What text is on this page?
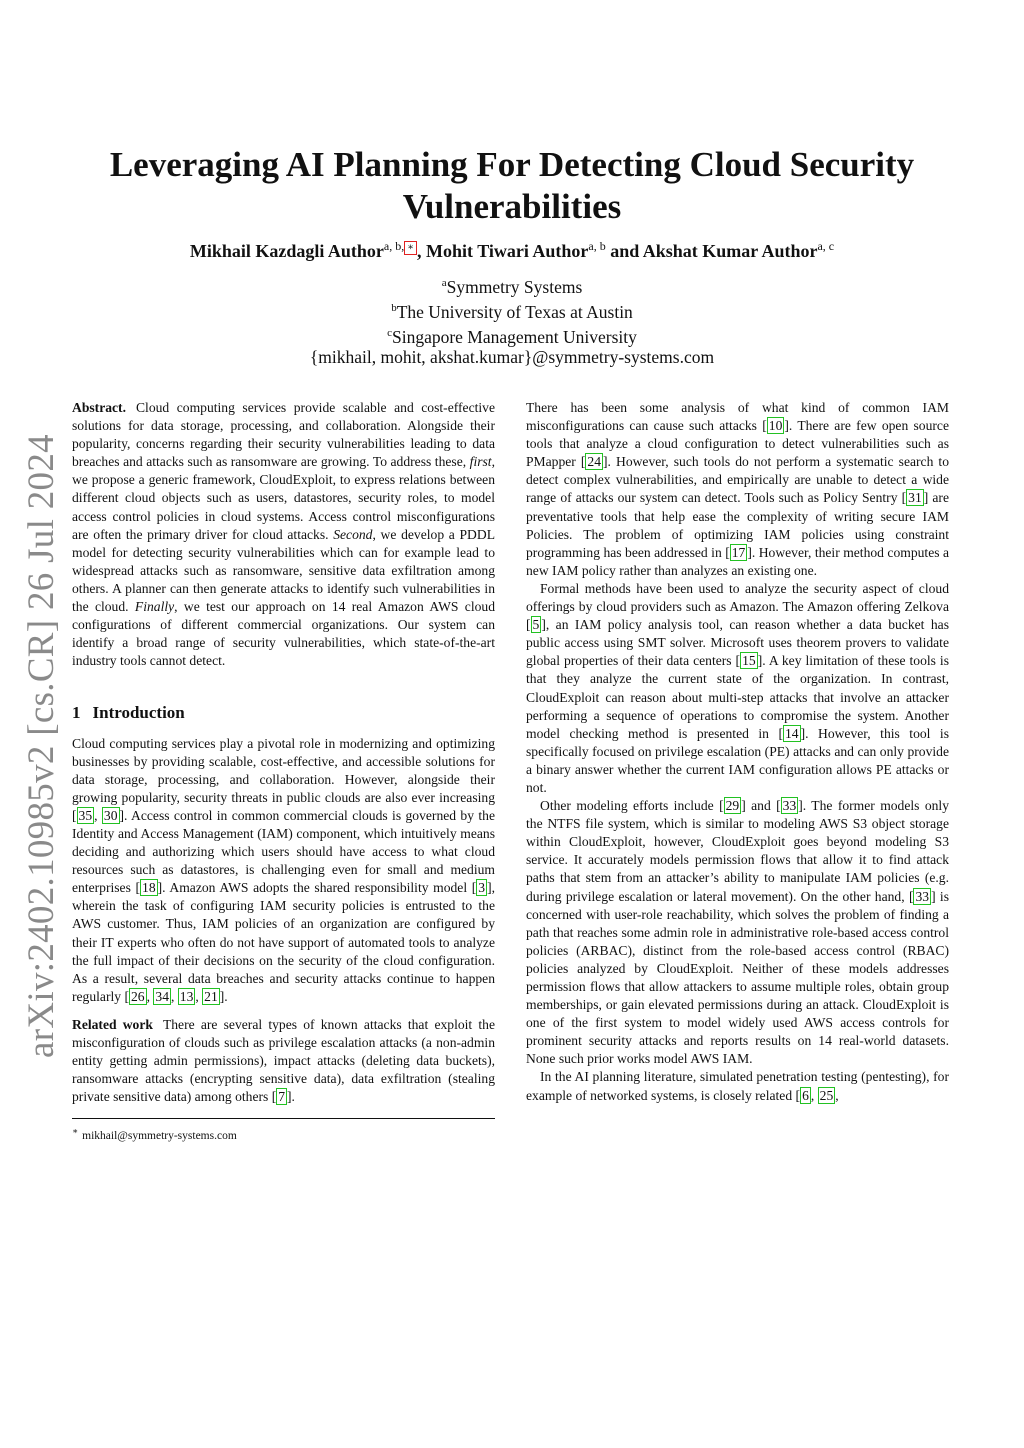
arXiv:2402.10985v2 [cs.CR] 26 Jul 2024
Leveraging AI Planning For Detecting Cloud Security Vulnerabilities
Mikhail Kazdagli Author$^{a, b,}$ ∗ , Mohit Tiwari Author$^{a, b}$ and Akshat Kumar Author$^{a, c}$
$^a$Symmetry Systems
$^b$The University of Texas at Austin
$^c$Singapore Management University
{mikhail, mohit, akshat.kumar}@symmetry-systems.com

Abstract. Cloud computing services provide scalable and cost-effective solutions for data storage, processing, and collaboration. Alongside their popularity, concerns regarding their security vulnerabilities leading to data breaches and attacks such as ransomware are growing. To address these, first, we propose a generic framework, CloudExploit, to express relations between different cloud objects such as users, datastores, security roles, to model access control policies in cloud systems. Access control misconfigurations are often the primary driver for cloud attacks. Second, we develop a PDDL model for detecting security vulnerabilities which can for example lead to widespread attacks such as ransomware, sensitive data exfiltration among others. A planner can then generate attacks to identify such vulnerabilities in the cloud. Finally, we test our approach on 14 real Amazon AWS cloud configurations of different commercial organizations. Our system can identify a broad range of security vulnerabilities, which state-of-the-art industry tools cannot detect.

1 Introduction

Cloud computing services play a pivotal role in modernizing and optimizing businesses by providing scalable, cost-effective, and accessible solutions for data storage, processing, and collaboration. However, alongside their growing popularity, security threats in public clouds are also ever increasing [ 35 , 30 ]. Access control in common commercial clouds is governed by the Identity and Access Management (IAM) component, which intuitively means deciding and authorizing which users should have access to what cloud resources such as datastores, is challenging even for small and medium enterprises [ 18 ]. Amazon AWS adopts the shared responsibility model [ 3 ], wherein the task of configuring IAM security policies is entrusted to the AWS customer. Thus, IAM policies of an organization are configured by their IT experts who often do not have support of automated tools to analyze the full impact of their decisions on the security of the cloud configuration. As a result, several data breaches and security attacks continue to happen regularly [ 26 , 34 , 13 , 21 ].

Related work There are several types of known attacks that exploit the misconfiguration of clouds such as privilege escalation attacks (a non-admin entity getting admin permissions), impact attacks (deleting data buckets), ransomware attacks (encrypting sensitive data), data exfiltration (stealing private sensitive data) among others [ 7 ].

∗ mikhail@symmetry-systems.com

There has been some analysis of what kind of common IAM misconfigurations can cause such attacks [ 10 ]. There are few open source tools that analyze a cloud configuration to detect vulnerabilities such as PMapper [ 24 ]. However, such tools do not perform a systematic search to detect complex vulnerabilities, and empirically are unable to detect a wide range of attacks our system can detect. Tools such as Policy Sentry [ 31 ] are preventative tools that help ease the complexity of writing secure IAM Policies. The problem of optimizing IAM policies using constraint programming has been addressed in [ 17 ]. However, their method computes a new IAM policy rather than analyzes an existing one.

Formal methods have been used to analyze the security aspect of cloud offerings by cloud providers such as Amazon. The Amazon offering Zelkova [ 5 ], an IAM policy analysis tool, can reason whether a data bucket has public access using SMT solver. Microsoft uses theorem provers to validate global properties of their data centers [ 15 ]. A key limitation of these tools is that they analyze the current state of the organization. In contrast, CloudExploit can reason about multi-step attacks that involve an attacker performing a sequence of operations to compromise the system. Another model checking method is presented in [ 14 ]. However, this tool is specifically focused on privilege escalation (PE) attacks and can only provide a binary answer whether the current IAM configuration allows PE attacks or not.

Other modeling efforts include [ 29 ] and [ 33 ]. The former models only the NTFS file system, which is similar to modeling AWS S3 object storage within CloudExploit, however, CloudExploit goes beyond modeling S3 service. It accurately models permission flows that allow it to find attack paths that stem from an attacker’s ability to manipulate IAM policies (e.g. during privilege escalation or lateral movement). On the other hand, [ 33 ] is concerned with user-role reachability, which solves the problem of finding a path that reaches some admin role in administrative role-based access control policies (ARBAC), distinct from the role-based access control (RBAC) policies analyzed by CloudExploit. Neither of these models addresses permission flows that allow attackers to assume multiple roles, obtain group memberships, or gain elevated permissions during an attack. CloudExploit is one of the first system to model widely used AWS access controls for prominent security attacks and reports results on 14 real-world datasets. None such prior works model AWS IAM.

In the AI planning literature, simulated penetration testing (pentesting), for example of networked systems, is closely related [ 6 , 25 ,
